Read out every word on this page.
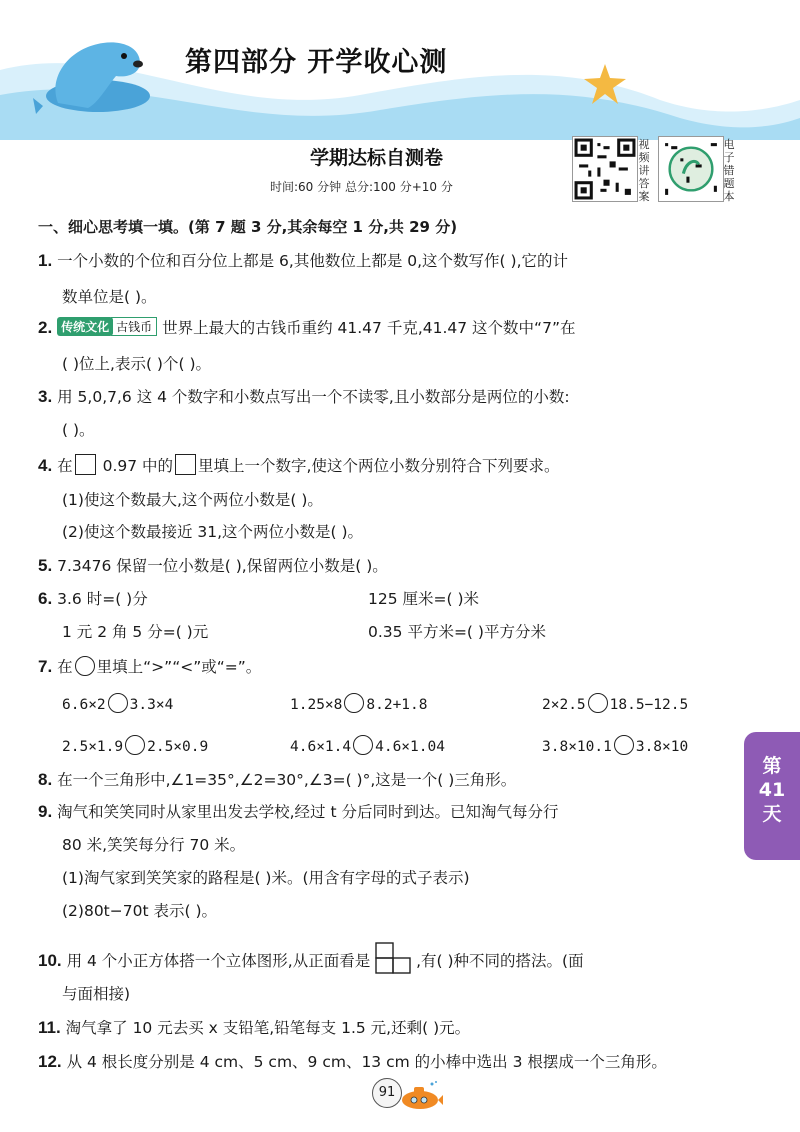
第四部分 开学收心测
学期达标自测卷
时间:60 分钟 总分:100 分+10 分
视
频
讲
答
案
电
子
错
题
本
一、细心思考填一填。(第 7 题 3 分,其余每空 1 分,共 29 分)
1. 一个小数的个位和百分位上都是 6,其他数位上都是 0,这个数写作( ),它的计
数单位是( )。
2. 传统文化 古钱币 世界上最大的古钱币重约 41.47 千克,41.47 这个数中“7”在
( )位上,表示( )个( )。
3. 用 5,0,7,6 这 4 个数字和小数点写出一个不读零,且小数部分是两位的小数:
( )。
4. 在 0.97 中的 里填上一个数字,使这个两位小数分别符合下列要求。
(1)使这个数最大,这个两位小数是( )。
(2)使这个数最接近 31,这个两位小数是( )。
5. 7.3476 保留一位小数是( ),保留两位小数是( )。
6. 3.6 时=( )分	125 厘米=( )米
1 元 2 角 5 分=( )元	0.35 平方米=( )平方分米
7. 在 里填上“>”“<”或“=”。
6.6×2 3.3×4	1.25×8 8.2+1.8	2×2.5 18.5−12.5
2.5×1.9 2.5×0.9	4.6×1.4 4.6×1.04	3.8×10.1 3.8×10
8. 在一个三角形中,∠1=35°,∠2=30°,∠3=( )°,这是一个( )三角形。
9. 淘气和笑笑同时从家里出发去学校,经过 t 分后同时到达。已知淘气每分行
80 米,笑笑每分行 70 米。
(1)淘气家到笑笑家的路程是( )米。(用含有字母的式子表示)
(2)80t−70t 表示( )。
10. 用 4 个小正方体搭一个立体图形,从正面看是	,有( )种不同的搭法。(面
与面相接)
11. 淘气拿了 10 元去买 x 支铅笔,铅笔每支 1.5 元,还剩( )元。
12. 从 4 根长度分别是 4 cm、5 cm、9 cm、13 cm 的小棒中选出 3 根摆成一个三角形。
第
41
天
91
